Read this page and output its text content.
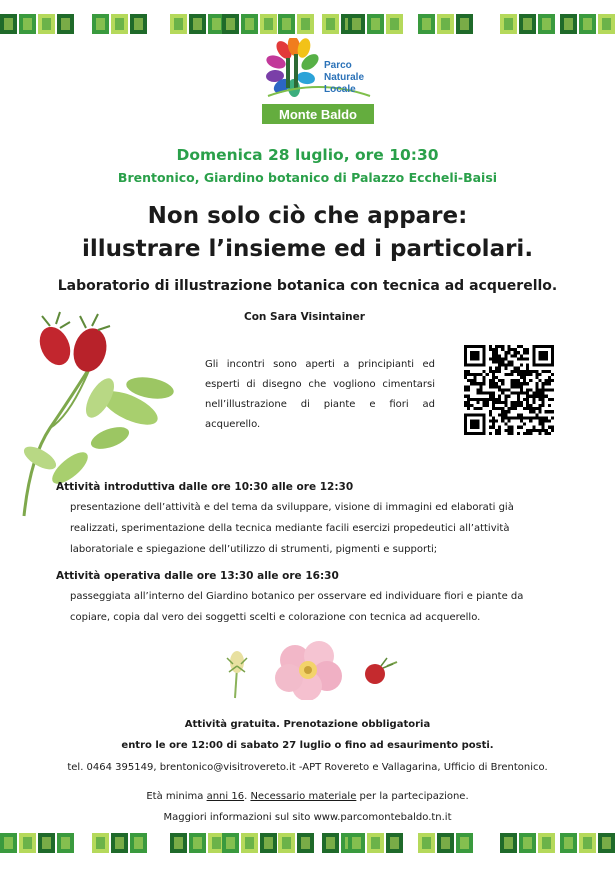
Parco
Naturale
Locale
Monte Baldo
Domenica 28 luglio, ore 10:30
Brentonico, Giardino botanico di Palazzo Eccheli-Baisi
Non solo ciò che appare:
illustrare l’insieme ed i particolari.
Laboratorio di illustrazione botanica con tecnica ad acquerello.
Con Sara Visintainer
Gli incontri sono aperti a principianti ed esperti di disegno che vogliono cimentarsi nell’illustrazione di piante e fiori ad acquerello.
Attività introduttiva dalle ore 10:30 alle ore 12:30
presentazione dell’attività e del tema da sviluppare, visione di immagini ed elaborati già realizzati, sperimentazione della tecnica mediante facili esercizi propedeutici all’attività laboratoriale e spiegazione dell’utilizzo di strumenti, pigmenti e supporti;
Attività operativa dalle ore 13:30 alle ore 16:30
passeggiata all’interno del Giardino botanico per osservare ed individuare fiori e piante da copiare, copia dal vero dei soggetti scelti e colorazione con tecnica ad acquerello.
Attività gratuita. Prenotazione obbligatoria
entro le ore 12:00 di sabato 27 luglio o fino ad esaurimento posti.
tel. 0464 395149, brentonico@visitrovereto.it -APT Rovereto e Vallagarina, Ufficio di Brentonico.
Età minima anni 16. Necessario materiale per la partecipazione.
Maggiori informazioni sul sito www.parcomontebaldo.tn.it
